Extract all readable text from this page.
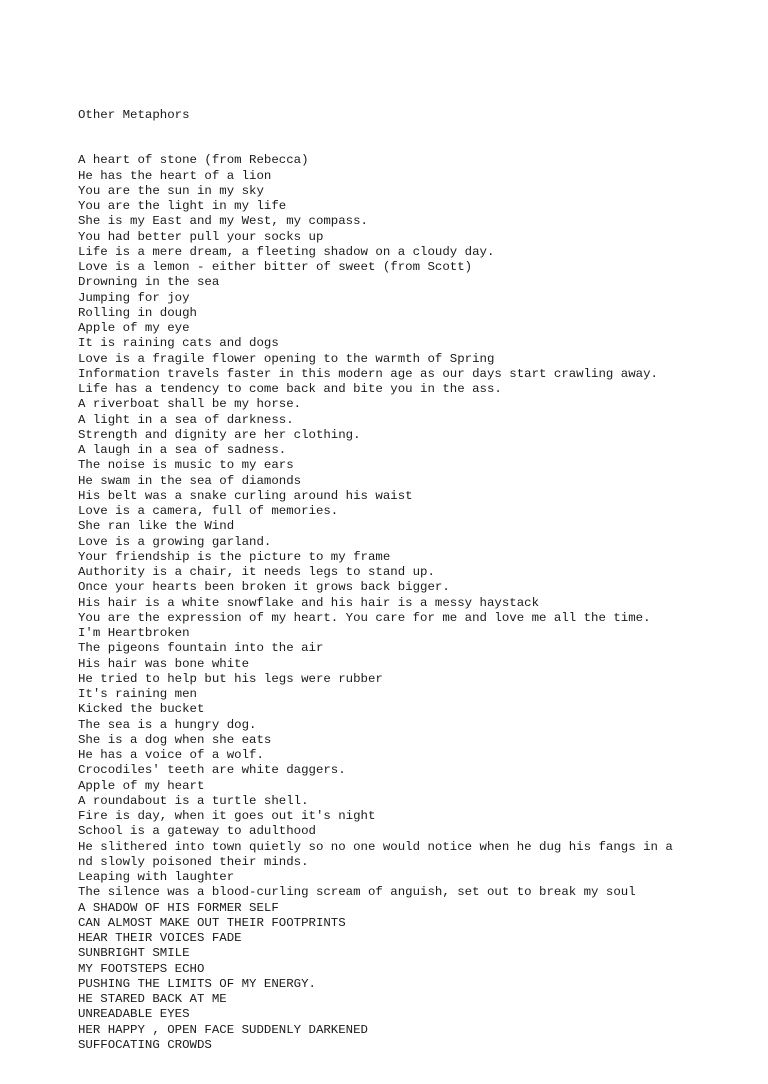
Other Metaphors

A heart of stone (from Rebecca)
He has the heart of a lion
You are the sun in my sky
You are the light in my life
She is my East and my West, my compass.
You had better pull your socks up
Life is a mere dream, a fleeting shadow on a cloudy day.
Love is a lemon - either bitter of sweet (from Scott)
Drowning in the sea
Jumping for joy
Rolling in dough
Apple of my eye
It is raining cats and dogs
Love is a fragile flower opening to the warmth of Spring
Information travels faster in this modern age as our days start crawling away.
Life has a tendency to come back and bite you in the ass.
A riverboat shall be my horse.
A light in a sea of darkness.
Strength and dignity are her clothing.
A laugh in a sea of sadness.
The noise is music to my ears
He swam in the sea of diamonds
His belt was a snake curling around his waist
Love is a camera, full of memories.
She ran like the Wind
Love is a growing garland.
Your friendship is the picture to my frame
Authority is a chair, it needs legs to stand up.
Once your hearts been broken it grows back bigger.
His hair is a white snowflake and his hair is a messy haystack
You are the expression of my heart. You care for me and love me all the time.
I'm Heartbroken
The pigeons fountain into the air
His hair was bone white
He tried to help but his legs were rubber
It's raining men
Kicked the bucket
The sea is a hungry dog.
She is a dog when she eats
He has a voice of a wolf.
Crocodiles' teeth are white daggers.
Apple of my heart
A roundabout is a turtle shell.
Fire is day, when it goes out it's night
School is a gateway to adulthood
He slithered into town quietly so no one would notice when he dug his fangs in a
nd slowly poisoned their minds.
Leaping with laughter
The silence was a blood-curling scream of anguish, set out to break my soul
A SHADOW OF HIS FORMER SELF
CAN ALMOST MAKE OUT THEIR FOOTPRINTS
HEAR THEIR VOICES FADE
SUNBRIGHT SMILE
MY FOOTSTEPS ECHO
PUSHING THE LIMITS OF MY ENERGY.
HE STARED BACK AT ME
UNREADABLE EYES
HER HAPPY , OPEN FACE SUDDENLY DARKENED
SUFFOCATING CROWDS
